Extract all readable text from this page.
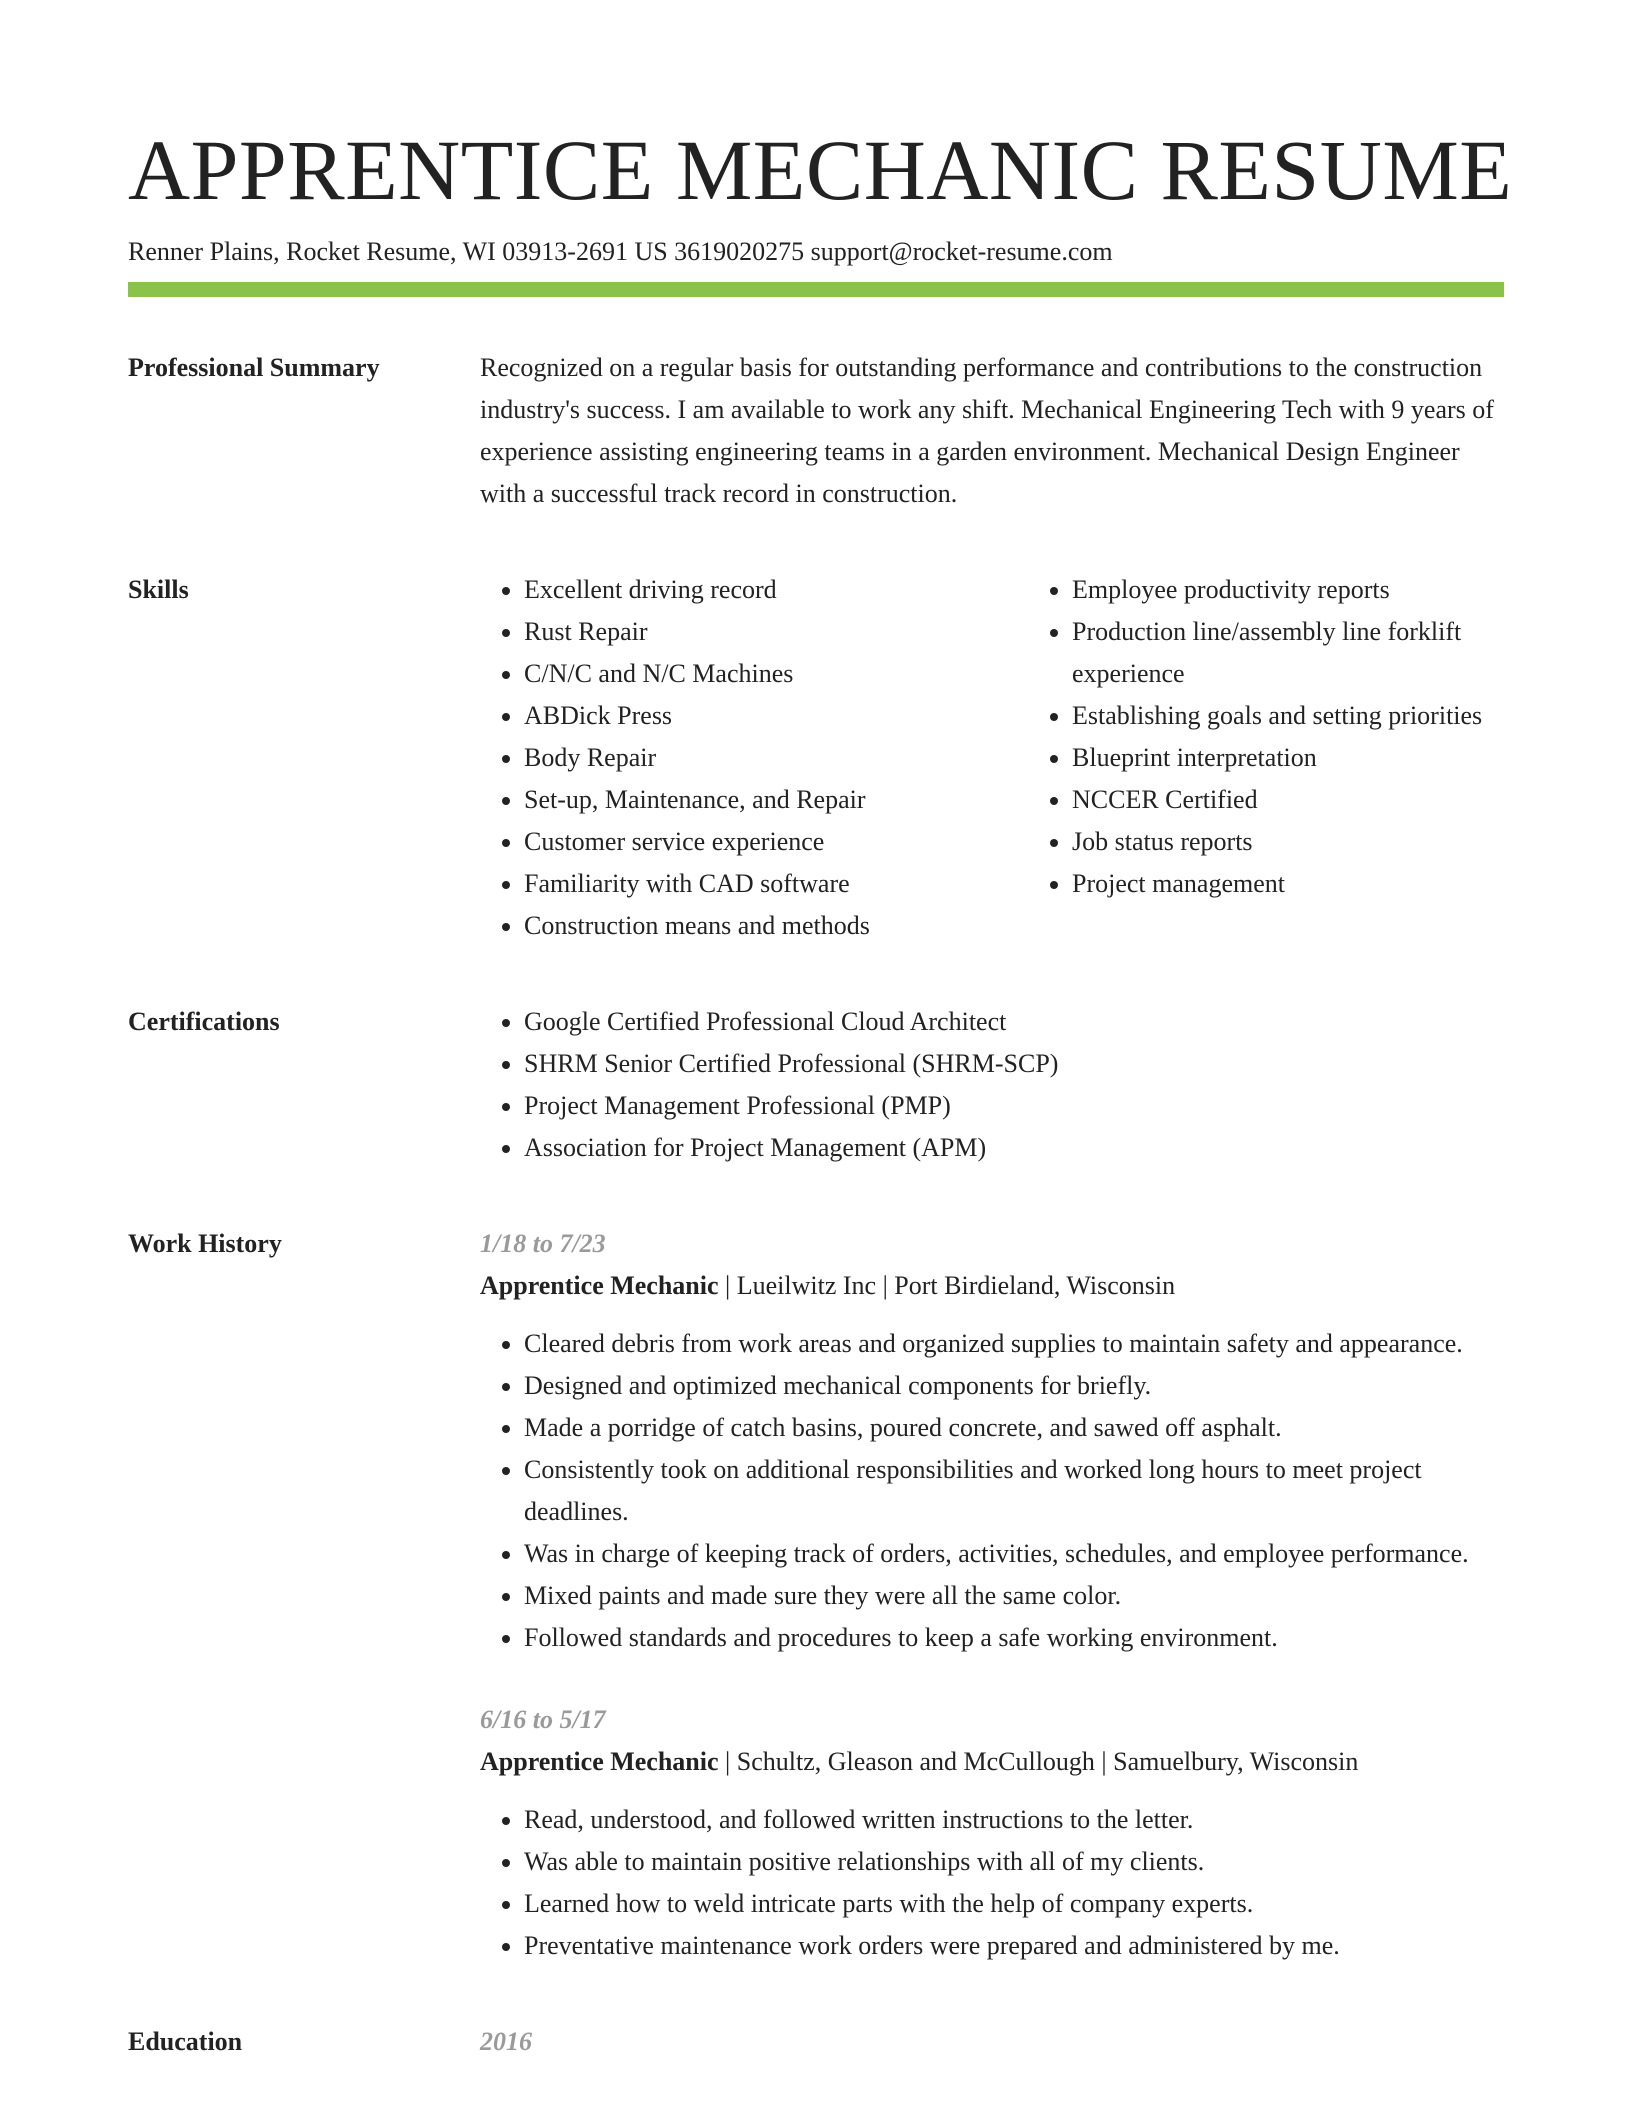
APPRENTICE MECHANIC RESUME
Renner Plains, Rocket Resume, WI 03913-2691 US 3619020275 support@rocket-resume.com
Professional Summary	Recognized on a regular basis for outstanding performance and contributions to the construction industry's success. I am available to work any shift. Mechanical Engineering Tech with 9 years of experience assisting engineering teams in a garden environment. Mechanical Design Engineer with a successful track record in construction.

Skills	• Excellent driving record
• Rust Repair
• C/N/C and N/C Machines
• ABDick Press
• Body Repair
• Set-up, Maintenance, and Repair
• Customer service experience
• Familiarity with CAD software
• Construction means and methods
• Employee productivity reports
• Production line/assembly line forklift experience
• Establishing goals and setting priorities
• Blueprint interpretation
• NCCER Certified
• Job status reports
• Project management
Certifications	• Google Certified Professional Cloud Architect
• SHRM Senior Certified Professional (SHRM-SCP)
• Project Management Professional (PMP)
• Association for Project Management (APM)
Work History	1/18 to 7/23
Apprentice Mechanic | Lueilwitz Inc | Port Birdieland, Wisconsin
• Cleared debris from work areas and organized supplies to maintain safety and appearance.
• Designed and optimized mechanical components for briefly.
• Made a porridge of catch basins, poured concrete, and sawed off asphalt.
• Consistently took on additional responsibilities and worked long hours to meet project deadlines.
• Was in charge of keeping track of orders, activities, schedules, and employee performance.
• Mixed paints and made sure they were all the same color.
• Followed standards and procedures to keep a safe working environment.
6/16 to 5/17
Apprentice Mechanic | Schultz, Gleason and McCullough | Samuelbury, Wisconsin
• Read, understood, and followed written instructions to the letter.
• Was able to maintain positive relationships with all of my clients.
• Learned how to weld intricate parts with the help of company experts.
• Preventative maintenance work orders were prepared and administered by me.
Education	2016
